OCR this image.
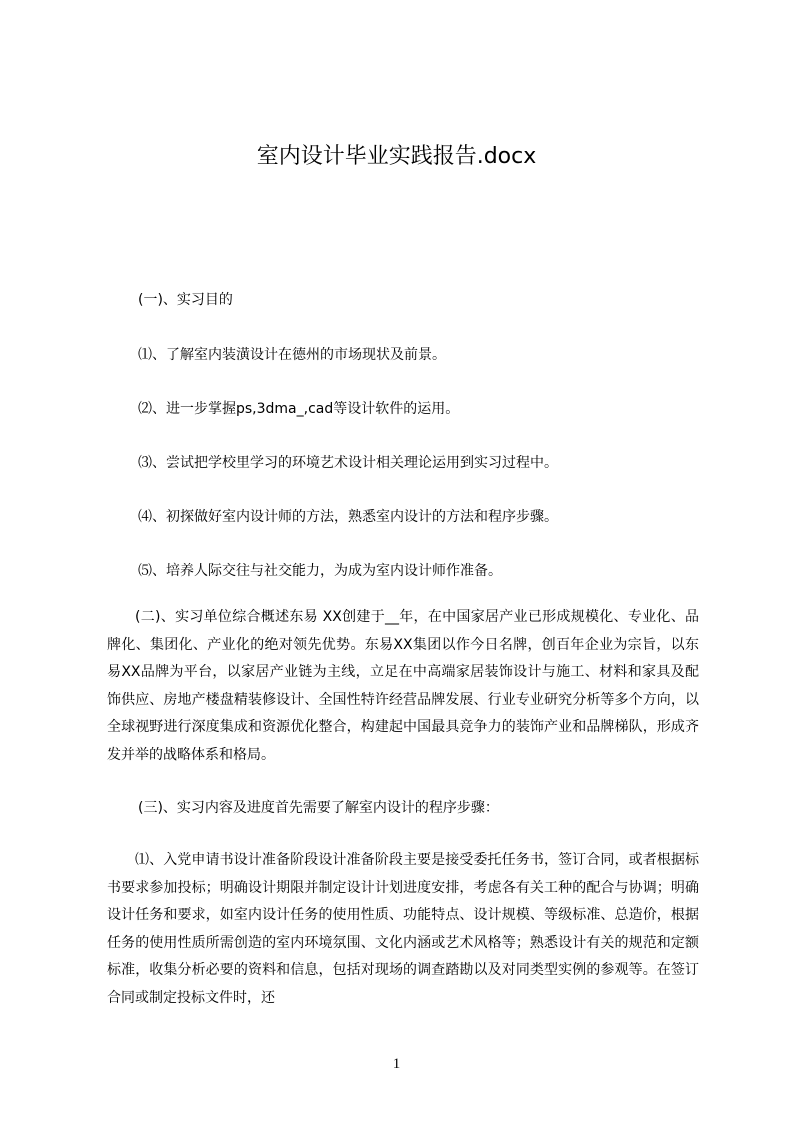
室内设计毕业实践报告.docx
(一)、实习目的
⑴、了解室内装潢设计在德州的市场现状及前景。
⑵、进一步掌握ps,3dma_,cad等设计软件的运用。
⑶、尝试把学校里学习的环境艺术设计相关理论运用到实习过程中。
⑷、初探做好室内设计师的方法，熟悉室内设计的方法和程序步骤。
⑸、培养人际交往与社交能力，为成为室内设计师作准备。
(二)、实习单位综合概述东易 XX创建于__年，在中国家居产业已形成规模化、专业化、品牌化、集团化、产业化的绝对领先优势。东易XX集团以作今日名牌，创百年企业为宗旨，以东易XX品牌为平台，以家居产业链为主线，立足在中高端家居装饰设计与施工、材料和家具及配饰供应、房地产楼盘精装修设计、全国性特许经营品牌发展、行业专业研究分析等多个方向，以全球视野进行深度集成和资源优化整合，构建起中国最具竞争力的装饰产业和品牌梯队，形成齐发并举的战略体系和格局。
(三)、实习内容及进度首先需要了解室内设计的程序步骤：
⑴、入党申请书设计准备阶段设计准备阶段主要是接受委托任务书，签订合同，或者根据标书要求参加投标；明确设计期限并制定设计计划进度安排，考虑各有关工种的配合与协调；明确设计任务和要求，如室内设计任务的使用性质、功能特点、设计规模、等级标准、总造价，根据任务的使用性质所需创造的室内环境氛围、文化内涵或艺术风格等；熟悉设计有关的规范和定额标准，收集分析必要的资料和信息，包括对现场的调查踏勘以及对同类型实例的参观等。在签订合同或制定投标文件时，还
1
